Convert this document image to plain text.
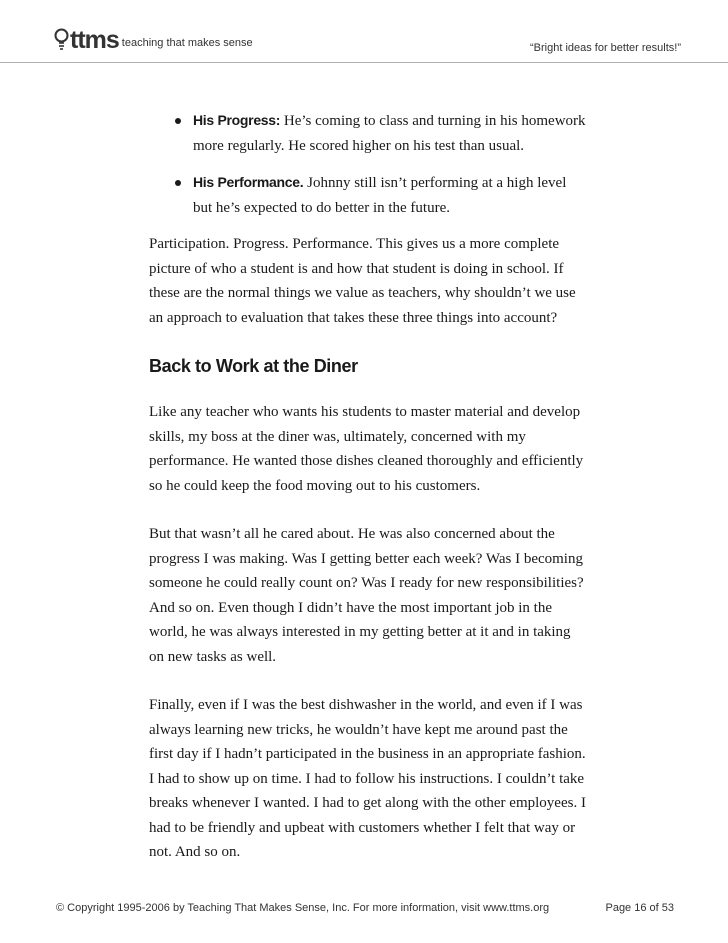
ttms teaching that makes sense	“Bright ideas for better results!”
His Progress: He’s coming to class and turning in his homework more regularly. He scored higher on his test than usual.
His Performance. Johnny still isn’t performing at a high level but he’s expected to do better in the future.

Participation. Progress. Performance. This gives us a more complete picture of who a student is and how that student is doing in school. If these are the normal things we value as teachers, why shouldn’t we use an approach to evaluation that takes these three things into account?

Back to Work at the Diner

Like any teacher who wants his students to master material and develop skills, my boss at the diner was, ultimately, concerned with my performance. He wanted those dishes cleaned thoroughly and efficiently so he could keep the food moving out to his customers.

But that wasn’t all he cared about. He was also concerned about the progress I was making. Was I getting better each week? Was I becoming someone he could really count on? Was I ready for new responsibilities? And so on. Even though I didn’t have the most important job in the world, he was always interested in my getting better at it and in taking on new tasks as well.

Finally, even if I was the best dishwasher in the world, and even if I was always learning new tricks, he wouldn’t have kept me around past the first day if I hadn’t participated in the business in an appropriate fashion. I had to show up on time. I had to follow his instructions. I couldn’t take breaks whenever I wanted. I had to get along with the other employees. I had to be friendly and upbeat with customers whether I felt that way or not. And so on.

© Copyright 1995-2006 by Teaching That Makes Sense, Inc. For more information, visit www.ttms.org	Page 16 of 53
